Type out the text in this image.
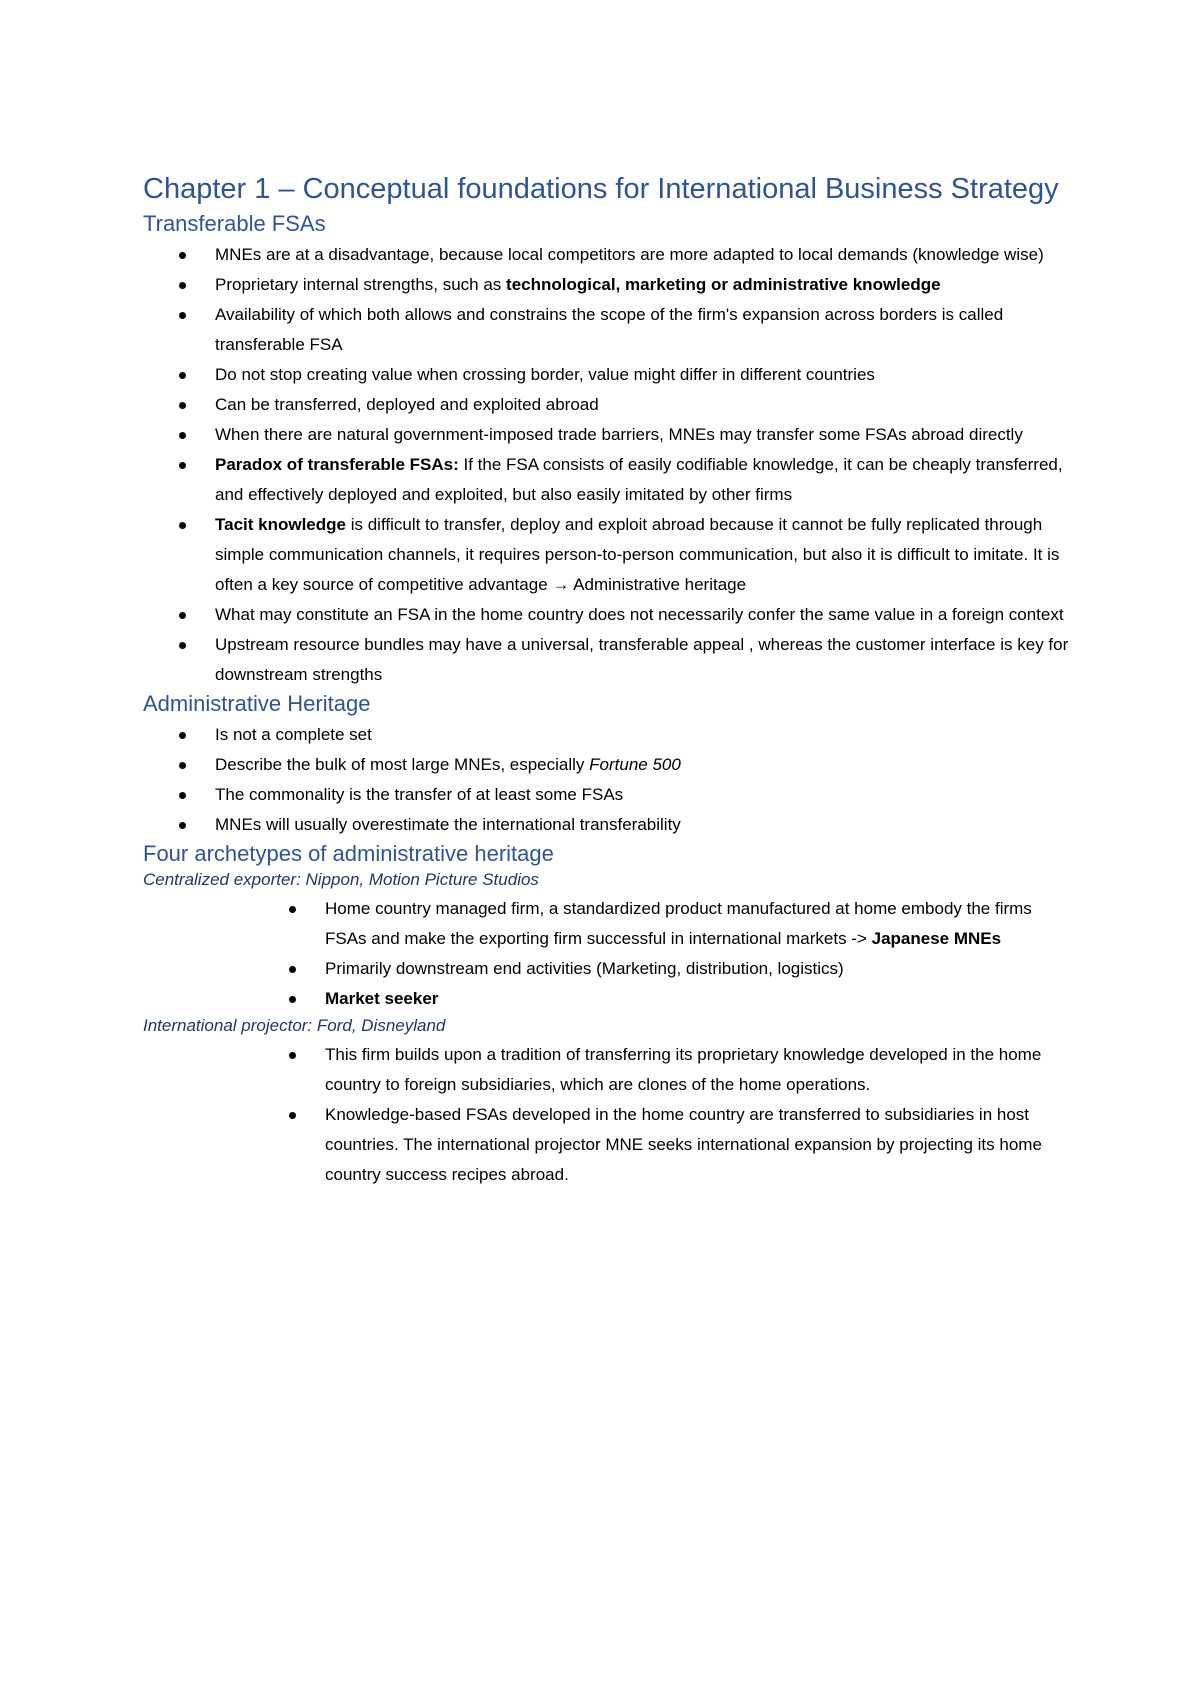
Chapter 1 – Conceptual foundations for International Business Strategy
Transferable FSAs
MNEs are at a disadvantage, because local competitors are more adapted to local demands (knowledge wise)
Proprietary internal strengths, such as technological, marketing or administrative knowledge
Availability of which both allows and constrains the scope of the firm's expansion across borders is called transferable FSA
Do not stop creating value when crossing border, value might differ in different countries
Can be transferred, deployed and exploited abroad
When there are natural government-imposed trade barriers, MNEs may transfer some FSAs abroad directly
Paradox of transferable FSAs: If the FSA consists of easily codifiable knowledge, it can be cheaply transferred, and effectively deployed and exploited, but also easily imitated by other firms
Tacit knowledge is difficult to transfer, deploy and exploit abroad because it cannot be fully replicated through simple communication channels, it requires person-to-person communication, but also it is difficult to imitate. It is often a key source of competitive advantage → Administrative heritage
What may constitute an FSA in the home country does not necessarily confer the same value in a foreign context
Upstream resource bundles may have a universal, transferable appeal , whereas the customer interface is key for downstream strengths
Administrative Heritage
Is not a complete set
Describe the bulk of most large MNEs, especially Fortune 500
The commonality is the transfer of at least some FSAs
MNEs will usually overestimate the international transferability
Four archetypes of administrative heritage
Centralized exporter: Nippon, Motion Picture Studios
Home country managed firm, a standardized product manufactured at home embody the firms FSAs and make the exporting firm successful in international markets -> Japanese MNEs
Primarily downstream end activities (Marketing, distribution, logistics)
Market seeker
International projector: Ford, Disneyland
This firm builds upon a tradition of transferring its proprietary knowledge developed in the home country to foreign subsidiaries, which are clones of the home operations.
Knowledge-based FSAs developed in the home country are transferred to subsidiaries in host countries. The international projector MNE seeks international expansion by projecting its home country success recipes abroad.
